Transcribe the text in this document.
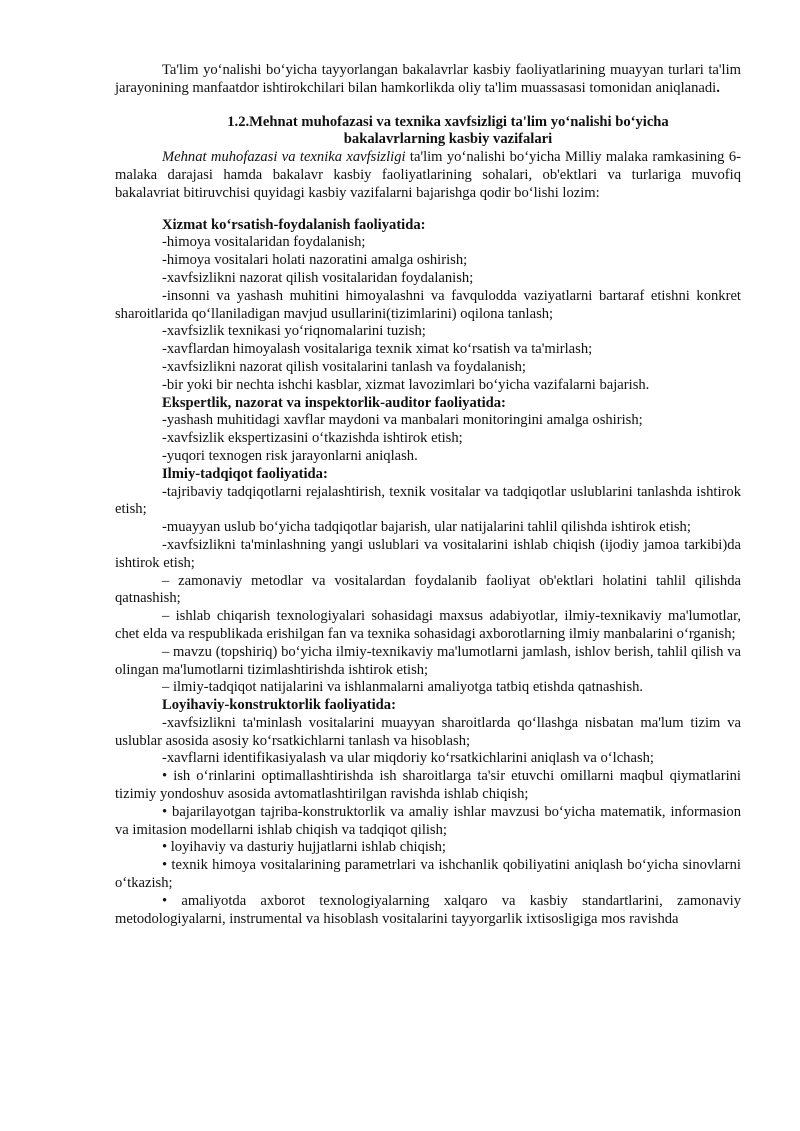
Ta'lim yo‘nalishi bo‘yicha tayyorlangan bakalavrlar kasbiy faoliyatlarining muayyan turlari ta'lim jarayonining manfaatdor ishtirokchilari bilan hamkorlikda oliy ta'lim muassasasi tomonidan aniqlanadi.

1.2.Mehnat muhofazasi va texnika xavfsizligi ta'lim yo‘nalishi bo‘yicha
bakalavrlarning kasbiy vazifalari

Mehnat muhofazasi va texnika xavfsizligi ta'lim yo‘nalishi bo‘yicha Milliy malaka ramkasining 6-malaka darajasi hamda bakalavr kasbiy faoliyatlarining sohalari, ob'ektlari va turlariga muvofiq bakalavriat bitiruvchisi quyidagi kasbiy vazifalarni bajarishga qodir bo‘lishi lozim:

Xizmat ko‘rsatish-foydalanish faoliyatida:

-himoya vositalaridan foydalanish;

-himoya vositalari holati nazoratini amalga oshirish;

-xavfsizlikni nazorat qilish vositalaridan foydalanish;

-insonni va yashash muhitini himoyalashni va favqulodda vaziyatlarni bartaraf etishni konkret sharoitlarida qo‘llaniladigan mavjud usullarini(tizimlarini) oqilona tanlash;

-xavfsizlik texnikasi yo‘riqnomalarini tuzish;

-xavflardan himoyalash vositalariga texnik ximat ko‘rsatish va ta'mirlash;

-xavfsizlikni nazorat qilish vositalarini tanlash va foydalanish;

-bir yoki bir nechta ishchi kasblar, xizmat lavozimlari bo‘yicha vazifalarni bajarish.

Ekspertlik, nazorat va inspektorlik-auditor faoliyatida:

-yashash muhitidagi xavflar maydoni va manbalari monitoringini amalga oshirish;

-xavfsizlik ekspertizasini o‘tkazishda ishtirok etish;

-yuqori texnogen risk jarayonlarni aniqlash.

Ilmiy-tadqiqot faoliyatida:

-tajribaviy tadqiqotlarni rejalashtirish, texnik vositalar va tadqiqotlar uslublarini tanlashda ishtirok etish;

-muayyan uslub bo‘yicha tadqiqotlar bajarish, ular natijalarini tahlil qilishda ishtirok etish;

-xavfsizlikni ta'minlashning yangi uslublari va vositalarini ishlab chiqish (ijodiy jamoa tarkibi)da ishtirok etish;

– zamonaviy metodlar va vositalardan foydalanib faoliyat ob'ektlari holatini tahlil qilishda qatnashish;

– ishlab chiqarish texnologiyalari sohasidagi maxsus adabiyotlar, ilmiy-texnikaviy ma'lumotlar, chet elda va respublikada erishilgan fan va texnika sohasidagi axborotlarning ilmiy manbalarini o‘rganish;

– mavzu (topshiriq) bo‘yicha ilmiy-texnikaviy ma'lumotlarni jamlash, ishlov berish, tahlil qilish va olingan ma'lumotlarni tizimlashtirishda ishtirok etish;

– ilmiy-tadqiqot natijalarini va ishlanmalarni amaliyotga tatbiq etishda qatnashish.

Loyihaviy-konstruktorlik faoliyatida:

-xavfsizlikni ta'minlash vositalarini muayyan sharoitlarda qo‘llashga nisbatan ma'lum tizim va uslublar asosida asosiy ko‘rsatkichlarni tanlash va hisoblash;

-xavflarni identifikasiyalash va ular miqdoriy ko‘rsatkichlarini aniqlash va o‘lchash;

• ish o‘rinlarini optimallashtirishda ish sharoitlarga ta'sir etuvchi omillarni maqbul qiymatlarini tizimiy yondoshuv asosida avtomatlashtirilgan ravishda ishlab chiqish;

• bajarilayotgan tajriba-konstruktorlik va amaliy ishlar mavzusi bo‘yicha matematik, informasion va imitasion modellarni ishlab chiqish va tadqiqot qilish;

• loyihaviy va dasturiy hujjatlarni ishlab chiqish;

• texnik himoya vositalarining parametrlari va ishchanlik qobiliyatini aniqlash bo‘yicha sinovlarni o‘tkazish;

• amaliyotda axborot texnologiyalarning xalqaro va kasbiy standartlarini, zamonaviy metodologiyalarni, instrumental va hisoblash vositalarini tayyorgarlik ixtisosligiga mos ravishda
